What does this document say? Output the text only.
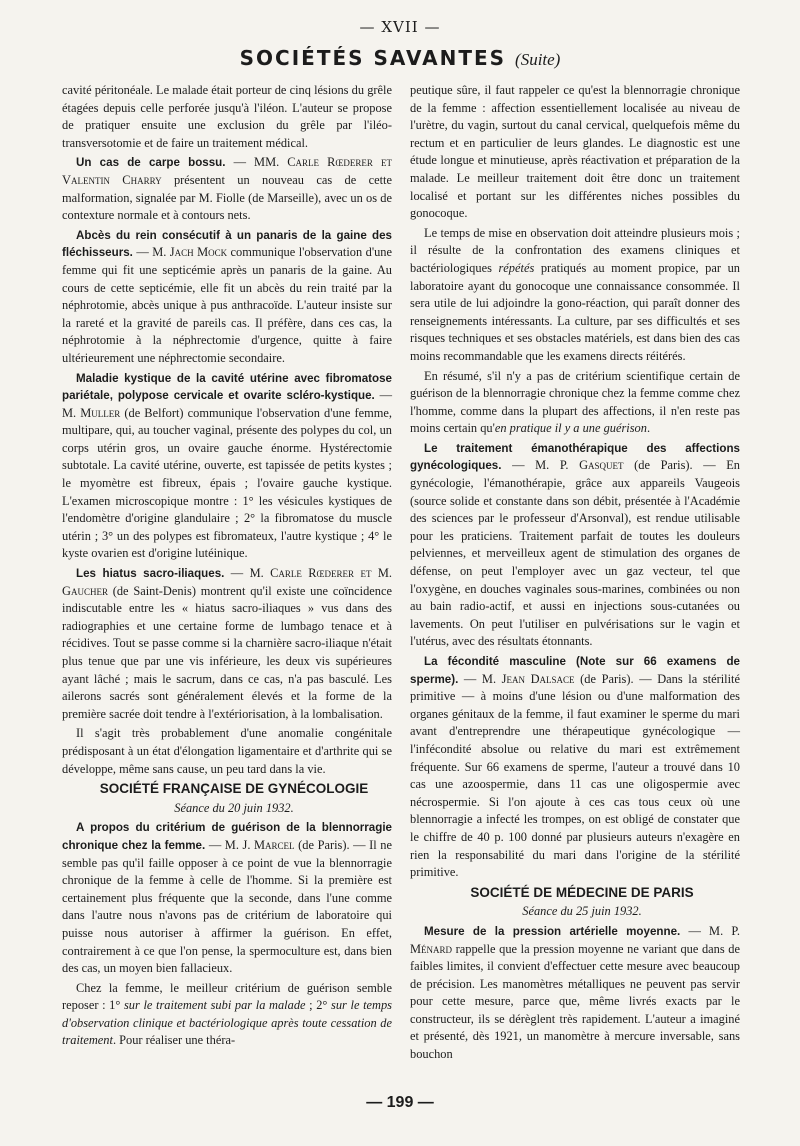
— XVII —
SOCIÉTÉS SAVANTES (Suite)

cavité péritonéale. Le malade était porteur de cinq lésions du grêle étagées depuis celle perforée jusqu'à l'iléon. L'auteur se propose de pratiquer ensuite une exclusion du grêle par l'iléo-transversotomie et de faire un traitement médical.

Un cas de carpe bossu. — MM. Carle Rœderer et Valentin Charry présentent un nouveau cas de cette malformation, signalée par M. Fiolle (de Marseille), avec un os de contexture normale et à contours nets.

Abcès du rein consécutif à un panaris de la gaine des fléchisseurs. — M. Jach Mock communique l'observation d'une femme qui fit une septicémie après un panaris de la gaine. Au cours de cette septicémie, elle fit un abcès du rein traité par la néphrotomie, abcès unique à pus anthracoïde. L'auteur insiste sur la rareté et la gravité de pareils cas. Il préfère, dans ces cas, la néphrotomie à la néphrectomie d'urgence, quitte à faire ultérieurement une néphrectomie secondaire.

Maladie kystique de la cavité utérine avec fibromatose pariétale, polypose cervicale et ovarite scléro-kystique. — M. Muller (de Belfort) communique l'observation d'une femme, multipare, qui, au toucher vaginal, présente des polypes du col, un corps utérin gros, un ovaire gauche énorme. Hystérectomie subtotale. La cavité utérine, ouverte, est tapissée de petits kystes ; le myomètre est fibreux, épais ; l'ovaire gauche kystique. L'examen microscopique montre : 1° les vésicules kystiques de l'endomètre d'origine glandulaire ; 2° la fibromatose du muscle utérin ; 3° un des polypes est fibromateux, l'autre kystique ; 4° le kyste ovarien est d'origine lutéinique.

Les hiatus sacro-iliaques. — M. Carle Rœderer et M. Gaucher (de Saint-Denis) montrent qu'il existe une coïncidence indiscutable entre les « hiatus sacro-iliaques » vus dans des radiographies et une certaine forme de lumbago tenace et à récidives. Tout se passe comme si la charnière sacro-iliaque n'était plus tenue que par une vis inférieure, les deux vis supérieures ayant lâché ; mais le sacrum, dans ce cas, n'a pas basculé. Les ailerons sacrés sont généralement élevés et la forme de la première sacrée doit tendre à l'extériorisation, à la lombalisation.

Il s'agit très probablement d'une anomalie congénitale prédisposant à un état d'élongation ligamentaire et d'arthrite qui se développe, même sans cause, un peu tard dans la vie.

SOCIÉTÉ FRANÇAISE DE GYNÉCOLOGIE

Séance du 20 juin 1932.

A propos du critérium de guérison de la blennorragie chronique chez la femme. — M. J. Marcel (de Paris). — Il ne semble pas qu'il faille opposer à ce point de vue la blennorragie chronique de la femme à celle de l'homme. Si la première est certainement plus fréquente que la seconde, dans l'une comme dans l'autre nous n'avons pas de critérium de laboratoire qui puisse nous autoriser à affirmer la guérison. En effet, contrairement à ce que l'on pense, la spermoculture est, dans bien des cas, un moyen bien fallacieux.

Chez la femme, le meilleur critérium de guérison semble reposer : 1° sur le traitement subi par la malade ; 2° sur le temps d'observation clinique et bactériologique après toute cessation de traitement. Pour réaliser une théra-

peutique sûre, il faut rappeler ce qu'est la blennorragie chronique de la femme : affection essentiellement localisée au niveau de l'urètre, du vagin, surtout du canal cervical, quelquefois même du rectum et en particulier de leurs glandes. Le diagnostic est une étude longue et minutieuse, après réactivation et préparation de la malade. Le meilleur traitement doit être donc un traitement localisé et portant sur les différentes niches possibles du gonocoque.

Le temps de mise en observation doit atteindre plusieurs mois ; il résulte de la confrontation des examens cliniques et bactériologiques répétés pratiqués au moment propice, par un laboratoire ayant du gonocoque une connaissance consommée. Il sera utile de lui adjoindre la gono-réaction, qui paraît donner des renseignements intéressants. La culture, par ses difficultés et ses risques techniques et ses obstacles matériels, est dans bien des cas moins recommandable que les examens directs réitérés.

En résumé, s'il n'y a pas de critérium scientifique certain de guérison de la blennorragie chronique chez la femme comme chez l'homme, comme dans la plupart des affections, il n'en reste pas moins certain qu'en pratique il y a une guérison.

Le traitement émanothérapique des affections gynécologiques. — M. P. Gasquet (de Paris). — En gynécologie, l'émanothérapie, grâce aux appareils Vaugeois (source solide et constante dans son débit, présentée à l'Académie des sciences par le professeur d'Arsonval), est rendue utilisable pour les praticiens. Traitement parfait de toutes les douleurs pelviennes, et merveilleux agent de stimulation des organes de défense, on peut l'employer avec un gaz vecteur, tel que l'oxygène, en douches vaginales sous-marines, combinées ou non au bain radio-actif, et aussi en injections sous-cutanées ou lavements. On peut l'utiliser en pulvérisations sur le vagin et l'utérus, avec des résultats étonnants.

La fécondité masculine (Note sur 66 examens de sperme). — M. Jean Dalsace (de Paris). — Dans la stérilité primitive — à moins d'une lésion ou d'une malformation des organes génitaux de la femme, il faut examiner le sperme du mari avant d'entreprendre une thérapeutique gynécologique — l'infécondité absolue ou relative du mari est extrêmement fréquente. Sur 66 examens de sperme, l'auteur a trouvé dans 10 cas une azoospermie, dans 11 cas une oligospermie avec nécrospermie. Si l'on ajoute à ces cas tous ceux où une blennorragie a infecté les trompes, on est obligé de constater que le chiffre de 40 p. 100 donné par plusieurs auteurs n'exagère en rien la responsabilité du mari dans l'origine de la stérilité primitive.

SOCIÉTÉ DE MÉDECINE DE PARIS

Séance du 25 juin 1932.

Mesure de la pression artérielle moyenne. — M. P. Ménard rappelle que la pression moyenne ne variant que dans de faibles limites, il convient d'effectuer cette mesure avec beaucoup de précision. Les manomètres métalliques ne peuvent pas servir pour cette mesure, parce que, même livrés exacts par le constructeur, ils se dérèglent très rapidement. L'auteur a imaginé et présenté, dès 1921, un manomètre à mercure inversable, sans bouchon

— 199 —
